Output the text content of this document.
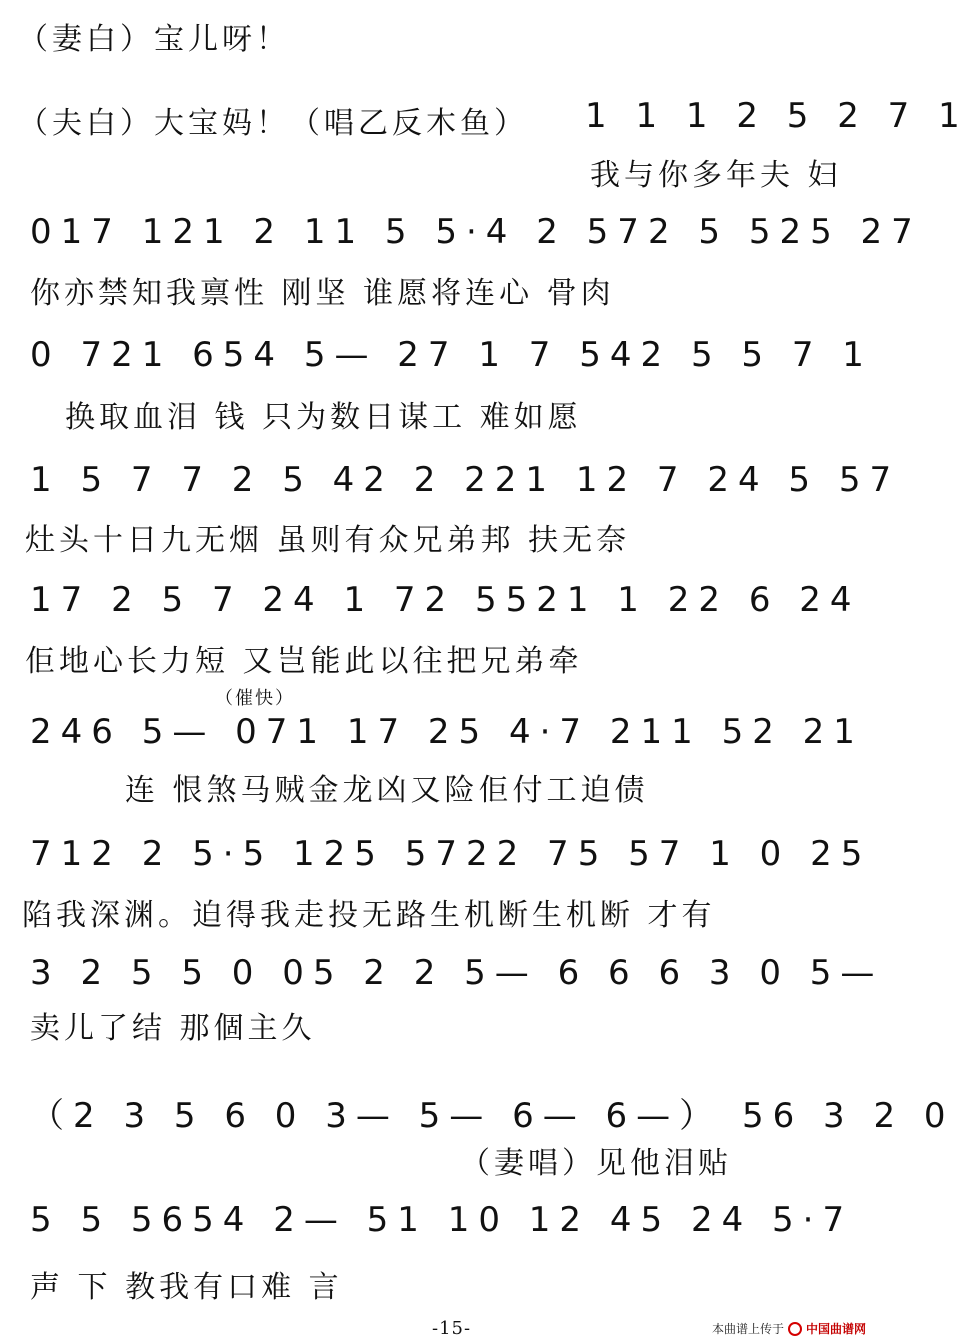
（妻白）宝儿呀！
（夫白）大宝妈！（唱乙反木鱼） 1 1 1 2 5 2 7 1
我与你多年夫 妇
017 121 2 11 5 5·4 2 572 5 525 27
你亦禁知我禀性 刚坚 谁愿将连心 骨肉
0 721 654 5— 27 1 7 542 5 5 7 1
换取血泪 钱 只为数日谋工 难如愿
1 5 7 7 2 5 42 2 221 12 7 24 5 57
灶头十日九无烟 虽则有众兄弟邦 扶无奈
17 2 5 7 24 1 72 5521 1 22 6 24
佢地心长力短 又岂能此以往把兄弟牵
（催快）
246 5— 071 17 25 4·7 211 52 21
连 恨煞马贼金龙凶又险佢付工迫债
712 2 5·5 125 5722 75 57 1 0 25
陷我深渊。迫得我走投无路生机断生机断 才有
3 2 5 5 0 05 2 2 5— 6 6 6 3 0 5—
卖儿了结 那個主久
（2 3 5 6 0 3— 5— 6— 6—） 56 3 2 0
（妻唱）见他泪贴
5 5 5654 2— 51 10 12 45 24 5·7
声 下 教我有口难 言
-15-	本曲谱上传于 中国曲谱网
